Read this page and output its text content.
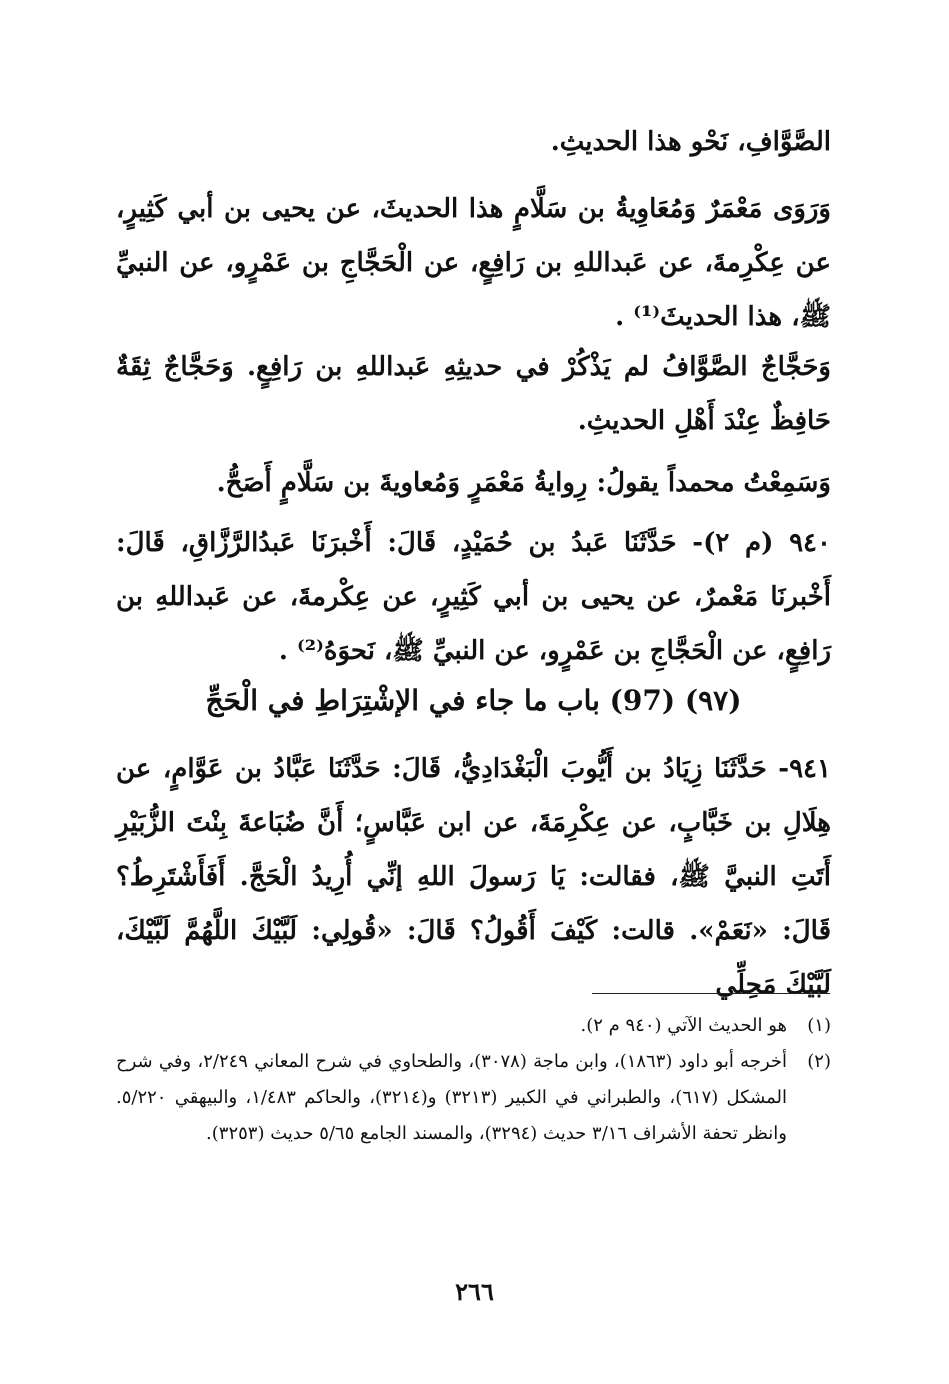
الصَّوَّافِ، نَحْو هذا الحديثِ.

وَرَوَى مَعْمَرٌ وَمُعَاوِيةُ بن سَلَّامٍ هذا الحديثَ، عن يحيى بن أبي كَثِيرٍ، عن عِكْرِمةَ، عن عَبداللهِ بن رَافِعٍ، عن الْحَجَّاجِ بن عَمْرٍو، عن النبيِّ ﷺ، هذا الحديثَ⁽¹⁾ .

وَحَجَّاجٌ الصَّوَّافُ لم يَذْكُرْ في حديثِهِ عَبداللهِ بن رَافِعٍ. وَحَجَّاجٌ ثِقَةٌ حَافِظٌ عِنْدَ أَهْلِ الحديثِ.

وَسَمِعْتُ محمداً يقولُ: رِوايةُ مَعْمَرٍ وَمُعاويةَ بن سَلَّامٍ أَصَحُّ.

٩٤٠ (م ٢)- حَدَّثَنَا عَبدُ بن حُمَيْدٍ، قَالَ: أَخْبرَنَا عَبدُالرَّزَّاقِ، قَالَ: أَخْبرنَا مَعْمرٌ، عن يحيى بن أبي كَثِيرٍ، عن عِكْرمةَ، عن عَبداللهِ بن رَافِعٍ، عن الْحَجَّاجِ بن عَمْرٍو، عن النبيِّ ﷺ، نَحوَهُ⁽²⁾ .

(٩٧) (97) باب ما جاء في الإشْتِرَاطِ في الْحَجِّ

٩٤١- حَدَّثَنَا زِيَادُ بن أَيُّوبَ الْبَغْدَادِيُّ، قَالَ: حَدَّثَنَا عَبَّادُ بن عَوَّامٍ، عن هِلَالِ بن خَبَّابٍ، عن عِكْرِمَةَ، عن ابن عَبَّاسٍ؛ أَنَّ ضُبَاعةَ بِنْتَ الزُّبَيْرِ أَتَتِ النبيَّ ﷺ، فقالت: يَا رَسولَ اللهِ إنِّي أُرِيدُ الْحَجَّ. أَفَأَشْتَرِطُ؟ قَالَ: «نَعَمْ». قالت: كَيْفَ أَقُولُ؟ قَالَ: «قُولِي: لَبَّيْكَ اللَّهُمَّ لَبَّيْكَ، لَبَّيْكَ مَحِلِّي

(١)
هو الحديث الآتي (٩٤٠ م ٢).
(٢)
أخرجه أبو داود (١٨٦٣)، وابن ماجة (٣٠٧٨)، والطحاوي في شرح المعاني ٢/٢٤٩، وفي شرح المشكل (٦١٧)، والطبراني في الكبير (٣٢١٣) و(٣٢١٤)، والحاكم ١/٤٨٣، والبيهقي ٥/٢٢٠. وانظر تحفة الأشراف ٣/١٦ حديث (٣٢٩٤)، والمسند الجامع ٥/٦٥ حديث (٣٢٥٣).
٢٦٦
